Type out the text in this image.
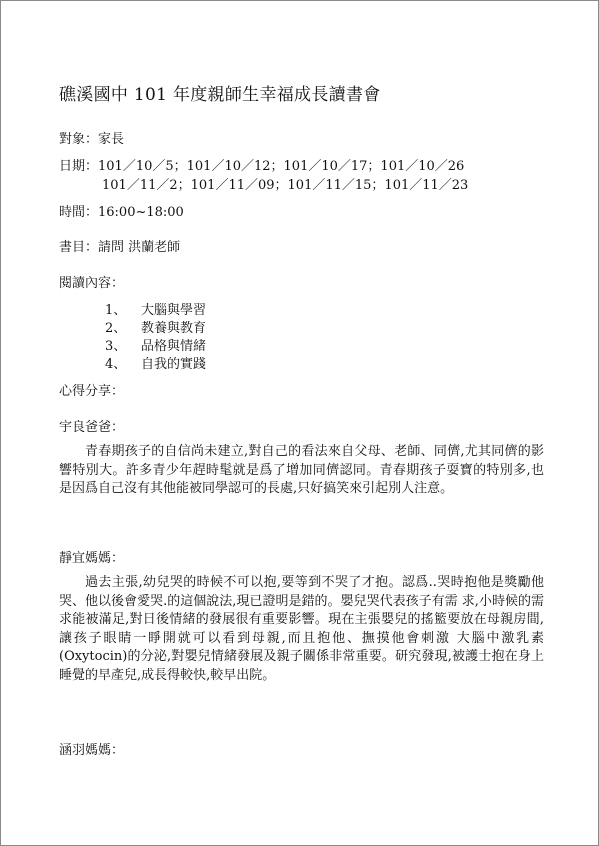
礁溪國中 101 年度親師生幸福成長讀書會
對象：家長
日期：101／10／5；101／10／12；101／10／17；101／10／26
101／11／2；101／11／09；101／11／15；101／11／23
時間：16:00~18:00
書目：請問 洪蘭老師
閱讀內容：
1、 大腦與學習
2、 教養與教育
3、 品格與情緒
4、 自我的實踐
心得分享：
宇良爸爸：
青春期孩子的自信尚未建立,對自己的看法來自父母、老師、同儕,尤其同儕的影響特別大。許多青少年趕時髦就是爲了增加同儕認同。青春期孩子耍寶的特別多,也是因爲自己沒有其他能被同學認可的長處,只好搞笑來引起別人注意。
靜宜媽媽：
過去主張,幼兒哭的時候不可以抱,要等到不哭了才抱。認爲..哭時抱他是獎勵他哭、他以後會愛哭.的這個說法,現已證明是錯的。嬰兒哭代表孩子有需 求,小時候的需求能被滿足,對日後情緒的發展很有重要影響。現在主張嬰兒的搖籃要放在母親房間,讓孩子眼睛一睜開就可以看到母親,而且抱他、撫摸他會刺激 大腦中激乳素(Oxytocin)的分泌,對嬰兒情緒發展及親子關係非常重要。研究發現,被護士抱在身上睡覺的早產兒,成長得較快,較早出院。
涵羽媽媽：
